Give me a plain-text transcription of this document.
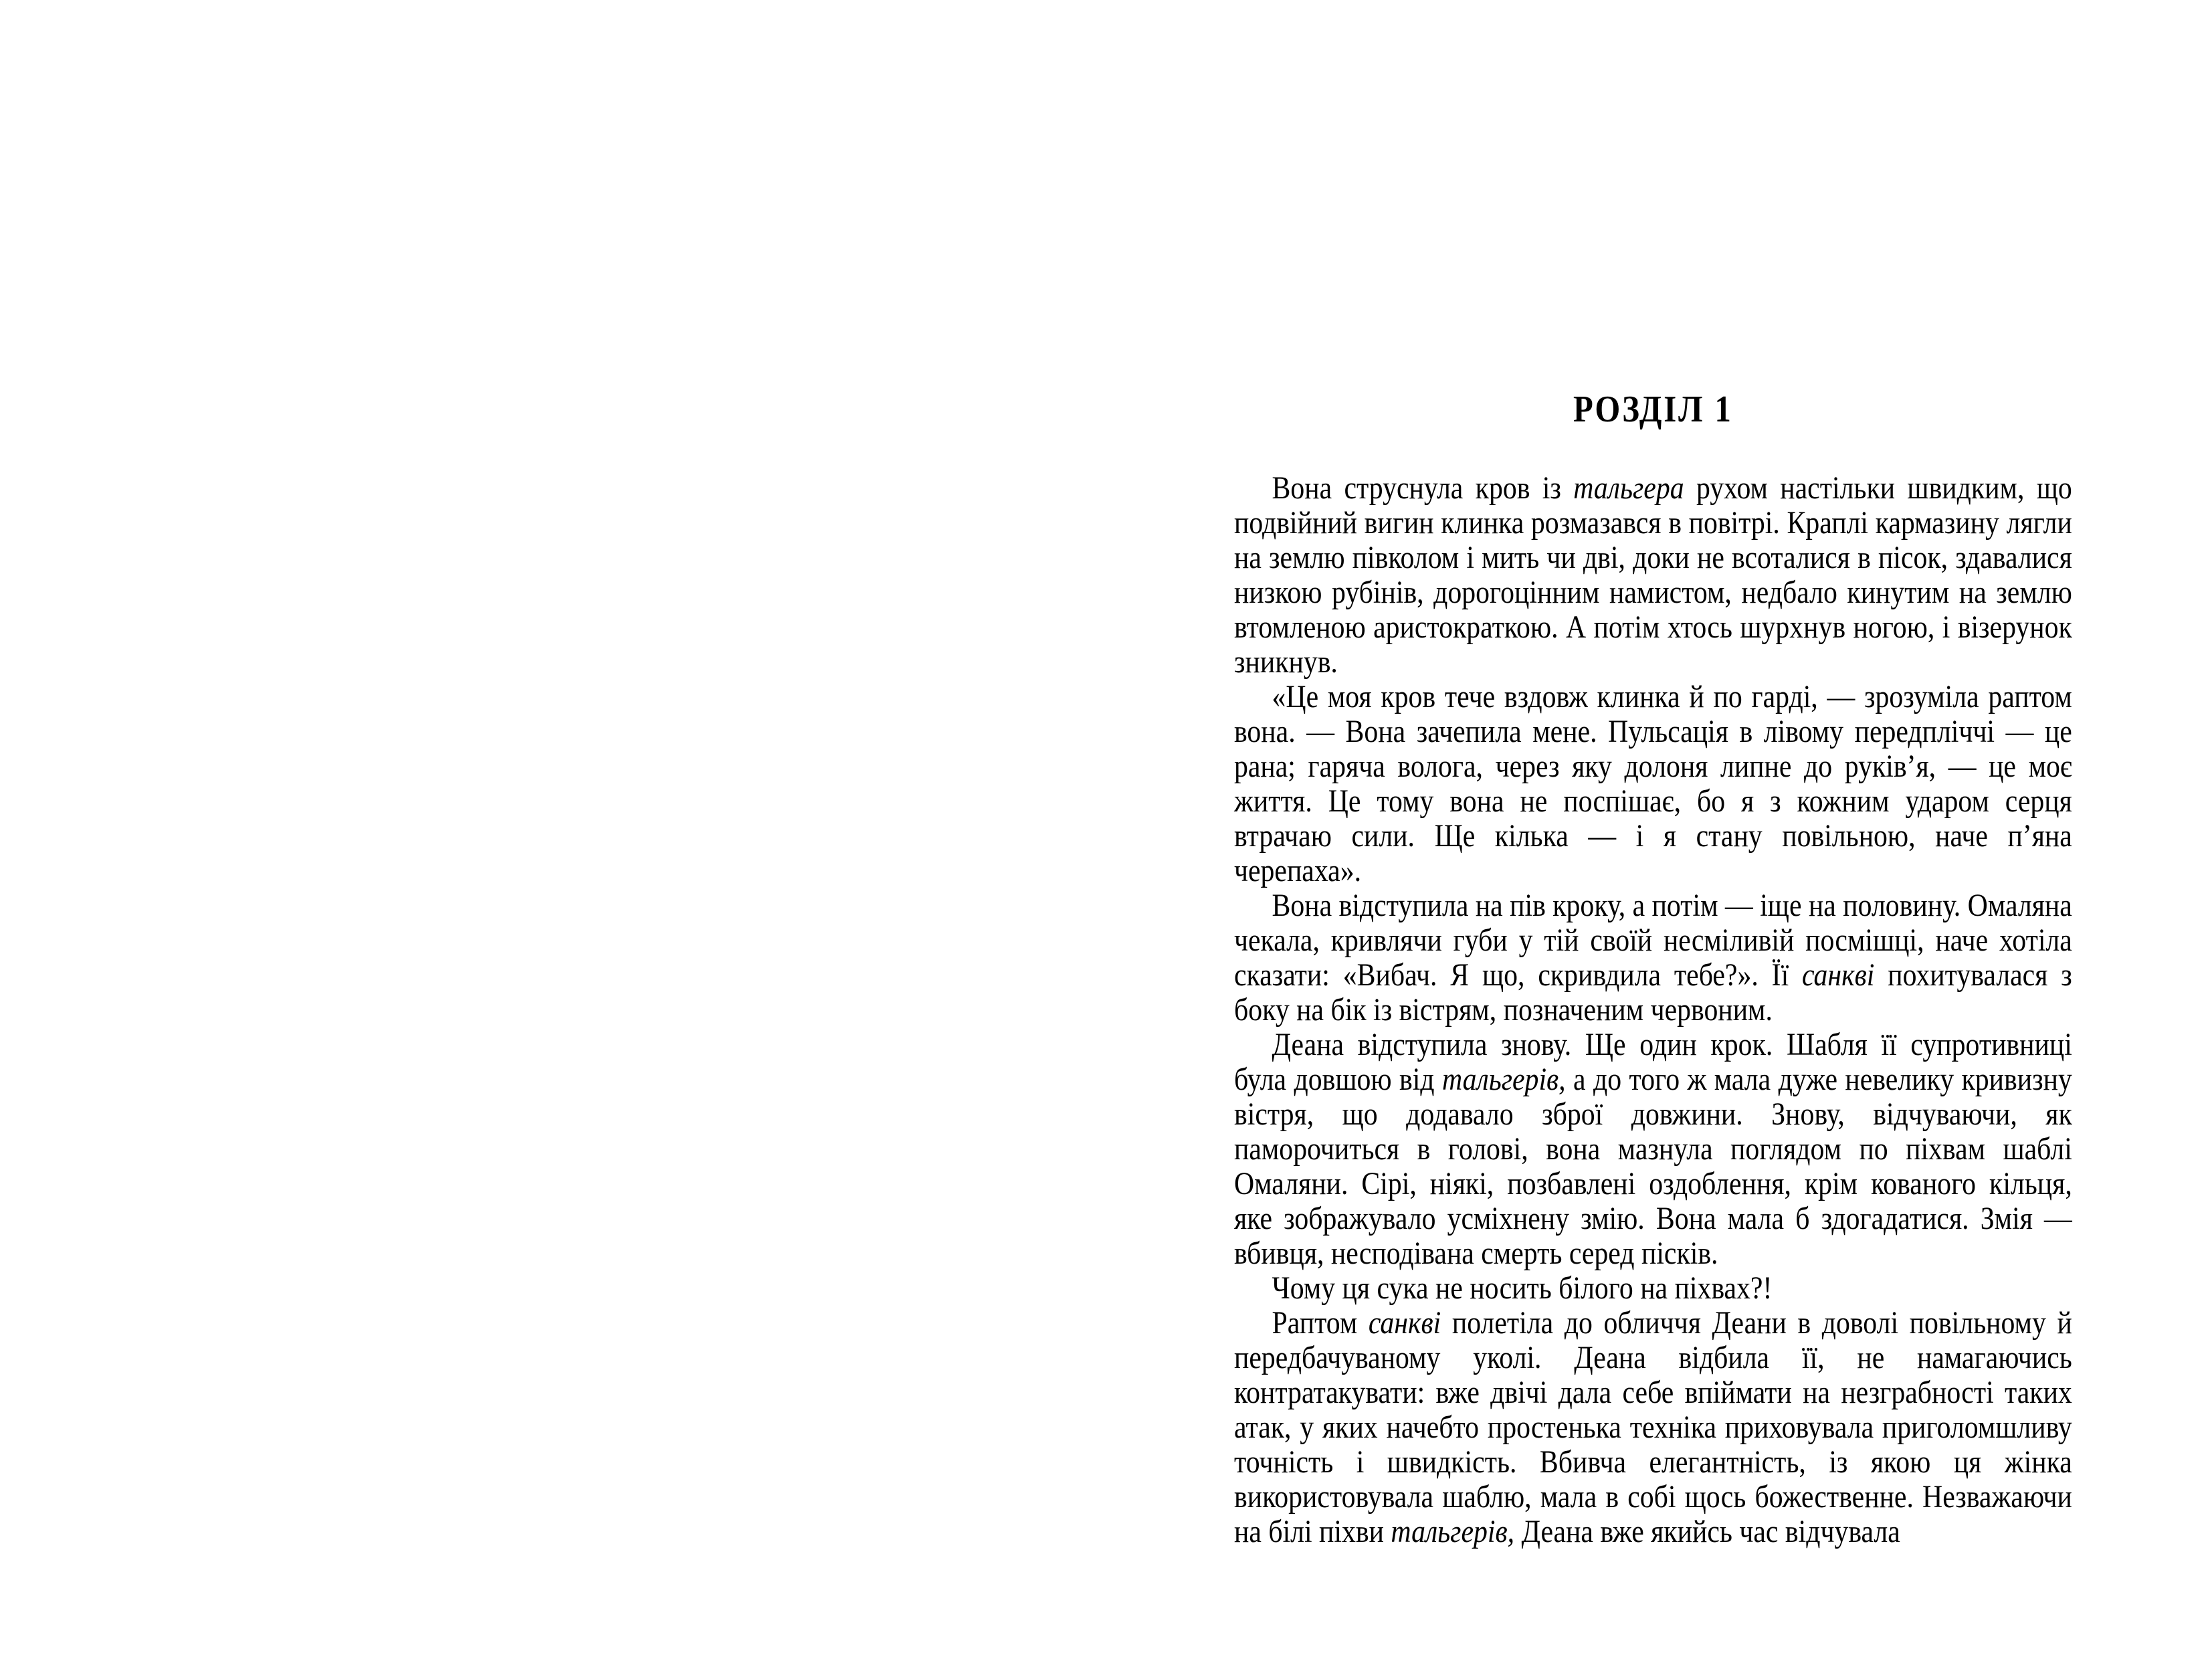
РОЗДІЛ 1

Вона струснула кров із тальгера рухом настільки швидким, що подвійний вигин клинка розмазався в повітрі. Краплі кармазину лягли на землю півколом і мить чи дві, доки не всоталися в пісок, здавалися низкою рубінів, дорогоцінним намистом, недбало кинутим на землю втомленою аристократкою. А потім хтось шурхнув ногою, і візерунок зникнув.

«Це моя кров тече вздовж клинка й по гарді, — зрозуміла раптом вона. — Вона зачепила мене. Пульсація в лівому передпліччі — це рана; гаряча волога, через яку долоня липне до руків’я, — це моє життя. Це тому вона не поспішає, бо я з кожним ударом серця втрачаю сили. Ще кілька — і я стану повільною, наче п’яна черепаха».

Вона відступила на пів кроку, а потім — іще на половину. Омаляна чекала, кривлячи губи у тій своїй несміливій посмішці, наче хотіла сказати: «Вибач. Я що, скривдила тебе?». Її санкві похитувалася з боку на бік із вістрям, позначеним червоним.

Деана відступила знову. Ще один крок. Шабля її супротивниці була довшою від тальгерів, а до того ж мала дуже невелику кривизну вістря, що додавало зброї довжини. Знову, відчуваючи, як паморочиться в голові, вона мазнула поглядом по піхвам шаблі Омаляни. Сірі, ніякі, позбавлені оздоблення, крім кованого кільця, яке зображувало усміхнену змію. Вона мала б здогадатися. Змія — вбивця, несподівана смерть серед пісків.

Чому ця сука не носить білого на піхвах?!

Раптом санкві полетіла до обличчя Деани в доволі повільному й передбачуваному уколі. Деана відбила її, не намагаючись контратакувати: вже двічі дала себе впіймати на незграбності таких атак, у яких начебто простенька техніка приховувала приголомшливу точність і швидкість. Вбивча елегантність, із якою ця жінка використовувала шаблю, мала в собі щось божественне. Незважаючи на білі піхви тальгерів, Деана вже якийсь час відчувала
